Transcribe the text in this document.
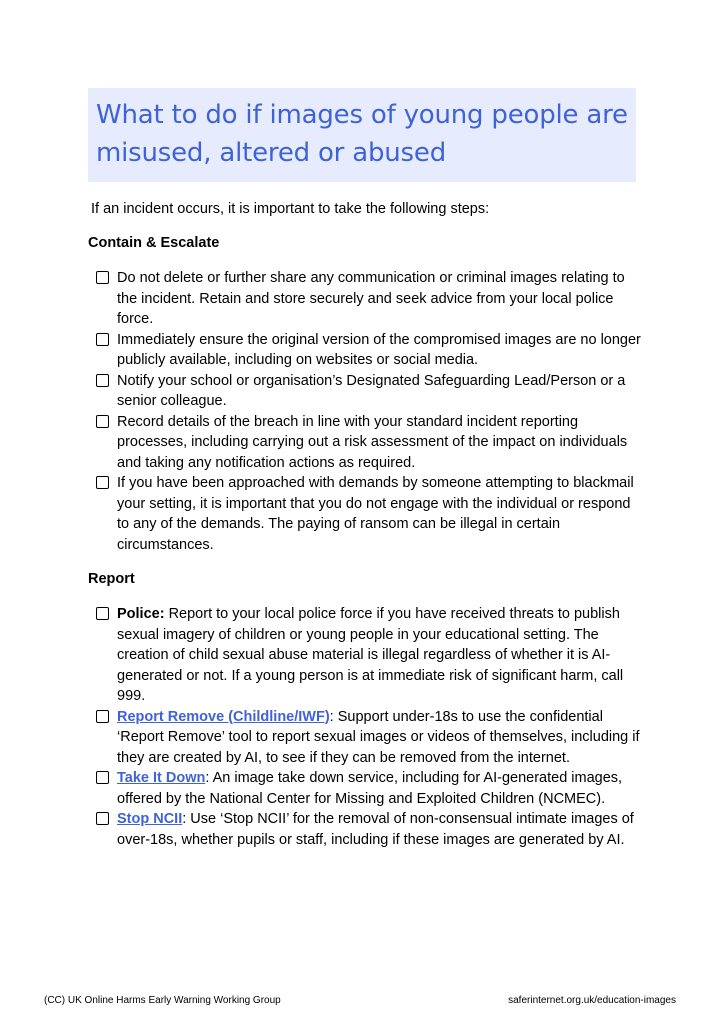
What to do if images of young people are misused, altered or abused
If an incident occurs, it is important to take the following steps:
Contain & Escalate
Do not delete or further share any communication or criminal images relating to the incident. Retain and store securely and seek advice from your local police force.
Immediately ensure the original version of the compromised images are no longer publicly available, including on websites or social media.
Notify your school or organisation’s Designated Safeguarding Lead/Person or a senior colleague.
Record details of the breach in line with your standard incident reporting processes, including carrying out a risk assessment of the impact on individuals and taking any notification actions as required.
If you have been approached with demands by someone attempting to blackmail your setting, it is important that you do not engage with the individual or respond to any of the demands. The paying of ransom can be illegal in certain circumstances.
Report
Police: Report to your local police force if you have received threats to publish sexual imagery of children or young people in your educational setting. The creation of child sexual abuse material is illegal regardless of whether it is AI-generated or not. If a young person is at immediate risk of significant harm, call 999.
Report Remove (Childline/IWF): Support under-18s to use the confidential ‘Report Remove’ tool to report sexual images or videos of themselves, including if they are created by AI, to see if they can be removed from the internet.
Take It Down: An image take down service, including for AI-generated images, offered by the National Center for Missing and Exploited Children (NCMEC).
Stop NCII: Use ‘Stop NCII’ for the removal of non-consensual intimate images of over-18s, whether pupils or staff, including if these images are generated by AI.
(CC) UK Online Harms Early Warning Working Group	saferinternet.org.uk/education-images
